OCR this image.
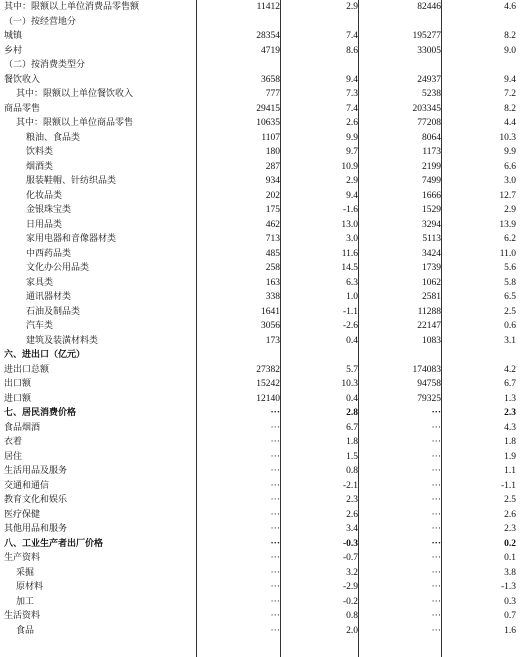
其中：限额以上单位消费品零售额	11412	2.9	82446	4.6
（一）按经营地分
城镇	28354	7.4	195277	8.2
乡村	4719	8.6	33005	9.0
（二）按消费类型分
餐饮收入	3658	9.4	24937	9.4
其中：限额以上单位餐饮收入	777	7.3	5238	7.2
商品零售	29415	7.4	203345	8.2
其中：限额以上单位商品零售	10635	2.6	77208	4.4
粮油、食品类	1107	9.9	8064	10.3
饮料类	180	9.7	1173	9.9
烟酒类	287	10.9	2199	6.6
服装鞋帽、针纺织品类	934	2.9	7499	3.0
化妆品类	202	9.4	1666	12.7
金银珠宝类	175	-1.6	1529	2.9
日用品类	462	13.0	3294	13.9
家用电器和音像器材类	713	3.0	5113	6.2
中西药品类	485	11.6	3424	11.0
文化办公用品类	258	14.5	1739	5.6
家具类	163	6.3	1062	5.8
通讯器材类	338	1.0	2581	6.5
石油及制品类	1641	-1.1	11288	2.5
汽车类	3056	-2.6	22147	0.6
建筑及装潢材料类	173	0.4	1083	3.1
六、进出口（亿元）
进出口总额	27382	5.7	174083	4.2
出口额	15242	10.3	94758	6.7
进口额	12140	0.4	79325	1.3
七、居民消费价格	···	2.8	···	2.3
食品烟酒	···	6.7	···	4.3
衣着	···	1.8	···	1.8
居住	···	1.5	···	1.9
生活用品及服务	···	0.8	···	1.1
交通和通信	···	-2.1	···	-1.1
教育文化和娱乐	···	2.3	···	2.5
医疗保健	···	2.6	···	2.6
其他用品和服务	···	3.4	···	2.3
八、工业生产者出厂价格	···	-0.3	···	0.2
生产资料	···	-0.7	···	0.1
采掘	···	3.2	···	3.8
原材料	···	-2.9	···	-1.3
加工	···	-0.2	···	0.3
生活资料	···	0.8	···	0.7
食品	···	2.0	···	1.6
